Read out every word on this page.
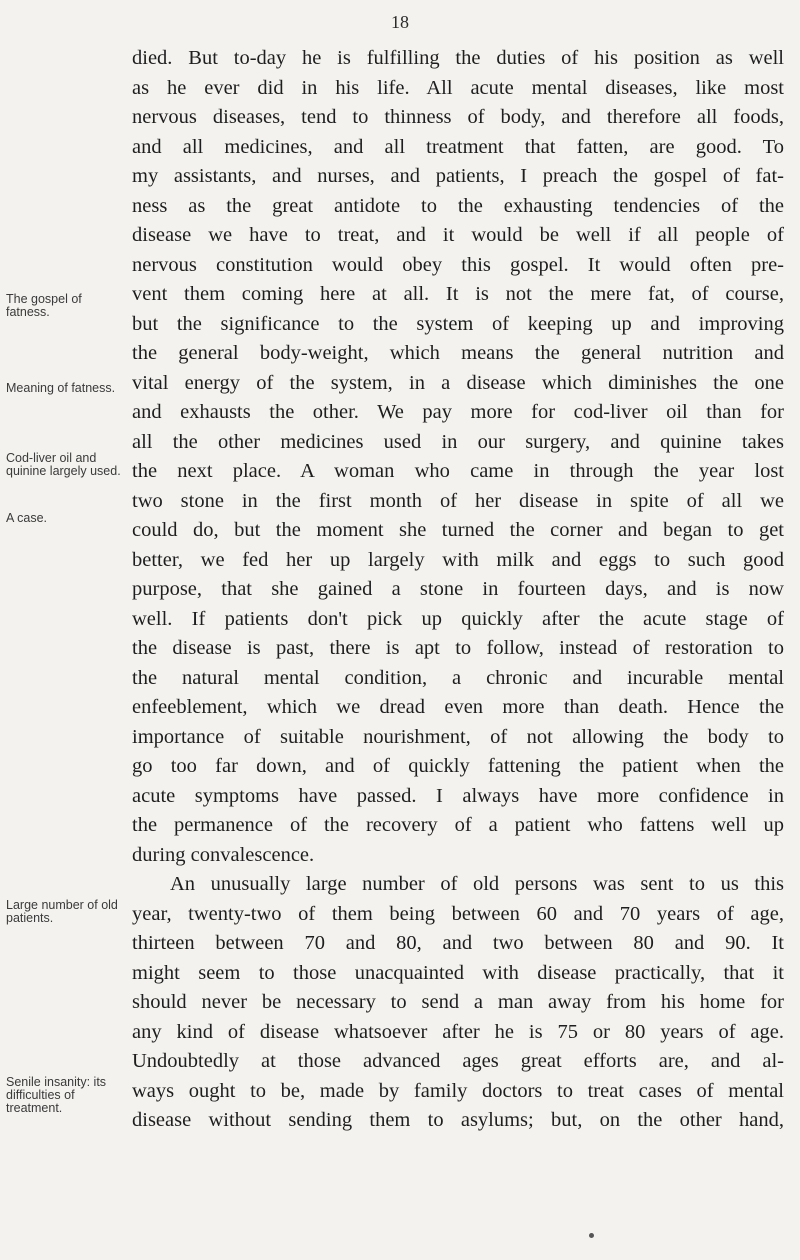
18
The gospel of fatness.
Meaning of fatness.
Cod-liver oil and quinine largely used.
A case.
Large number of old patients.
Senile insanity: its difficulties of treatment.
died. But to-day he is fulfilling the duties of his position as well
as he ever did in his life. All acute mental diseases, like most
nervous diseases, tend to thinness of body, and therefore all foods,
and all medicines, and all treatment that fatten, are good. To
my assistants, and nurses, and patients, I preach the gospel of fat-
ness as the great antidote to the exhausting tendencies of the
disease we have to treat, and it would be well if all people of
nervous constitution would obey this gospel. It would often pre-
vent them coming here at all. It is not the mere fat, of course,
but the significance to the system of keeping up and improving
the general body-weight, which means the general nutrition and
vital energy of the system, in a disease which diminishes the one
and exhausts the other. We pay more for cod-liver oil than for
all the other medicines used in our surgery, and quinine takes
the next place. A woman who came in through the year lost
two stone in the first month of her disease in spite of all we
could do, but the moment she turned the corner and began to get
better, we fed her up largely with milk and eggs to such good
purpose, that she gained a stone in fourteen days, and is now
well. If patients don't pick up quickly after the acute stage of
the disease is past, there is apt to follow, instead of restoration to
the natural mental condition, a chronic and incurable mental
enfeeblement, which we dread even more than death. Hence the
importance of suitable nourishment, of not allowing the body to
go too far down, and of quickly fattening the patient when the
acute symptoms have passed. I always have more confidence in
the permanence of the recovery of a patient who fattens well up
during convalescence.
An unusually large number of old persons was sent to us this
year, twenty-two of them being between 60 and 70 years of age,
thirteen between 70 and 80, and two between 80 and 90. It
might seem to those unacquainted with disease practically, that it
should never be necessary to send a man away from his home for
any kind of disease whatsoever after he is 75 or 80 years of age.
Undoubtedly at those advanced ages great efforts are, and al-
ways ought to be, made by family doctors to treat cases of mental
disease without sending them to asylums; but, on the other hand,
